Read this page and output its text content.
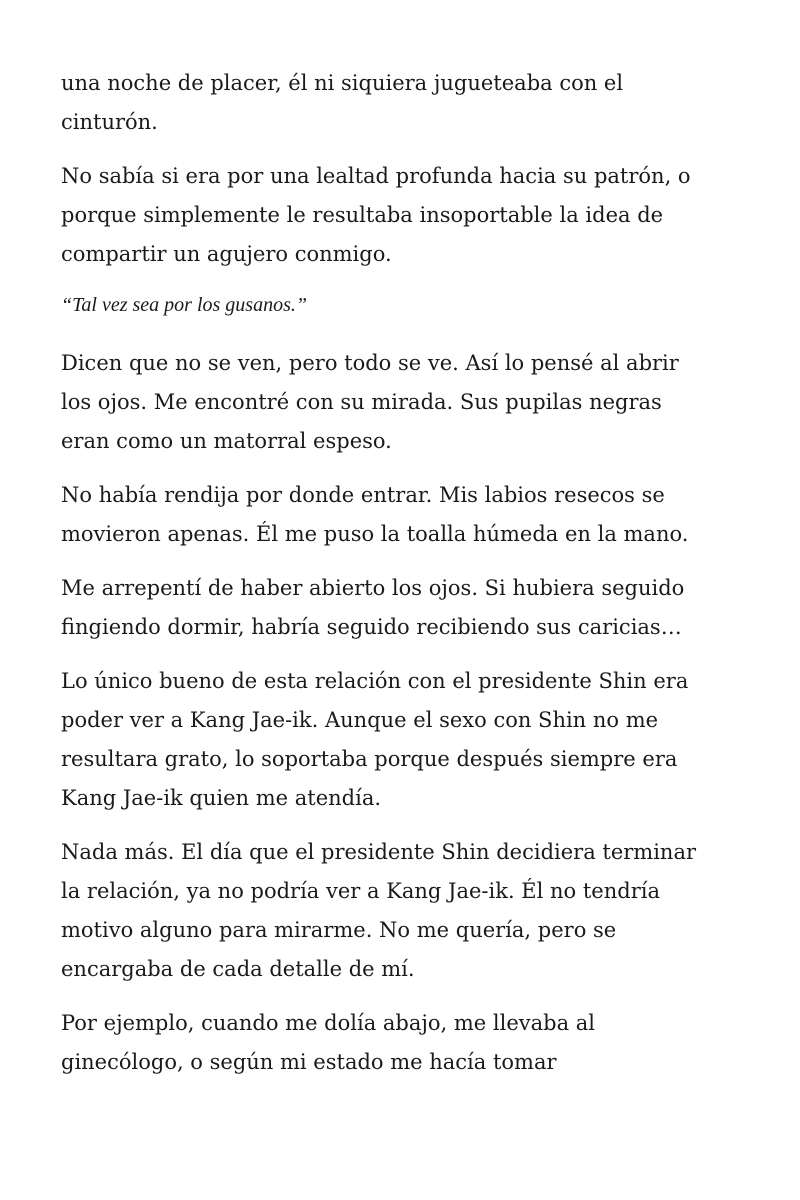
una noche de placer, él ni siquiera jugueteaba con el
cinturón.

No sabía si era por una lealtad profunda hacia su patrón, o
porque simplemente le resultaba insoportable la idea de
compartir un agujero conmigo.

“Tal vez sea por los gusanos.”

Dicen que no se ven, pero todo se ve. Así lo pensé al abrir
los ojos. Me encontré con su mirada. Sus pupilas negras
eran como un matorral espeso.

No había rendija por donde entrar. Mis labios resecos se
movieron apenas. Él me puso la toalla húmeda en la mano.

Me arrepentí de haber abierto los ojos. Si hubiera seguido
fingiendo dormir, habría seguido recibiendo sus caricias…

Lo único bueno de esta relación con el presidente Shin era
poder ver a Kang Jae-ik. Aunque el sexo con Shin no me
resultara grato, lo soportaba porque después siempre era
Kang Jae-ik quien me atendía.

Nada más. El día que el presidente Shin decidiera terminar
la relación, ya no podría ver a Kang Jae-ik. Él no tendría
motivo alguno para mirarme. No me quería, pero se
encargaba de cada detalle de mí.

Por ejemplo, cuando me dolía abajo, me llevaba al
ginecólogo, o según mi estado me hacía tomar
